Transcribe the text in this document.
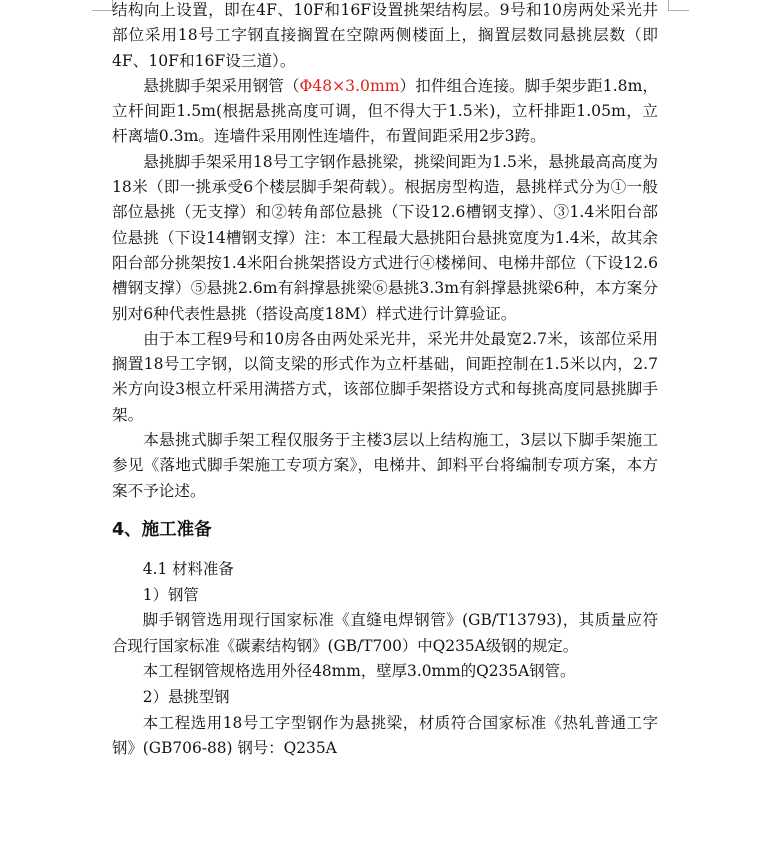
结构向上设置，即在4F、10F和16F设置挑架结构层。9号和10房两处采光井部位采用18号工字钢直接搁置在空隙两侧楼面上，搁置层数同悬挑层数（即4F、10F和16F设三道）。

悬挑脚手架采用钢管（Φ48×3.0mm）扣件组合连接。脚手架步距1.8m，立杆间距1.5m(根据悬挑高度可调，但不得大于1.5米)，立杆排距1.05m，立杆离墙0.3m。连墙件采用刚性连墙件，布置间距采用2步3跨。

悬挑脚手架采用18号工字钢作悬挑梁，挑梁间距为1.5米，悬挑最高高度为18米（即一挑承受6个楼层脚手架荷载）。根据房型构造，悬挑样式分为①一般部位悬挑（无支撑）和②转角部位悬挑（下设12.6槽钢支撑）、③1.4米阳台部位悬挑（下设14槽钢支撑）注：本工程最大悬挑阳台悬挑宽度为1.4米，故其余阳台部分挑架按1.4米阳台挑架搭设方式进行④楼梯间、电梯井部位（下设12.6槽钢支撑）⑤悬挑2.6m有斜撑悬挑梁⑥悬挑3.3m有斜撑悬挑梁6种，本方案分别对6种代表性悬挑（搭设高度18M）样式进行计算验证。

由于本工程9号和10房各由两处采光井，采光井处最宽2.7米，该部位采用搁置18号工字钢，以简支梁的形式作为立杆基础，间距控制在1.5米以内，2.7米方向设3根立杆采用满搭方式，该部位脚手架搭设方式和每挑高度同悬挑脚手架。

本悬挑式脚手架工程仅服务于主楼3层以上结构施工，3层以下脚手架施工参见《落地式脚手架施工专项方案》，电梯井、卸料平台将编制专项方案，本方案不予论述。

4、施工准备

4.1 材料准备

1）钢管

脚手钢管选用现行国家标准《直缝电焊钢管》(GB/T13793)，其质量应符合现行国家标准《碳素结构钢》(GB/T700）中Q235A级钢的规定。

本工程钢管规格选用外径48mm，壁厚3.0mm的Q235A钢管。

2）悬挑型钢

本工程选用18号工字型钢作为悬挑梁，材质符合国家标准《热轧普通工字钢》(GB706-88) 钢号：Q235A
